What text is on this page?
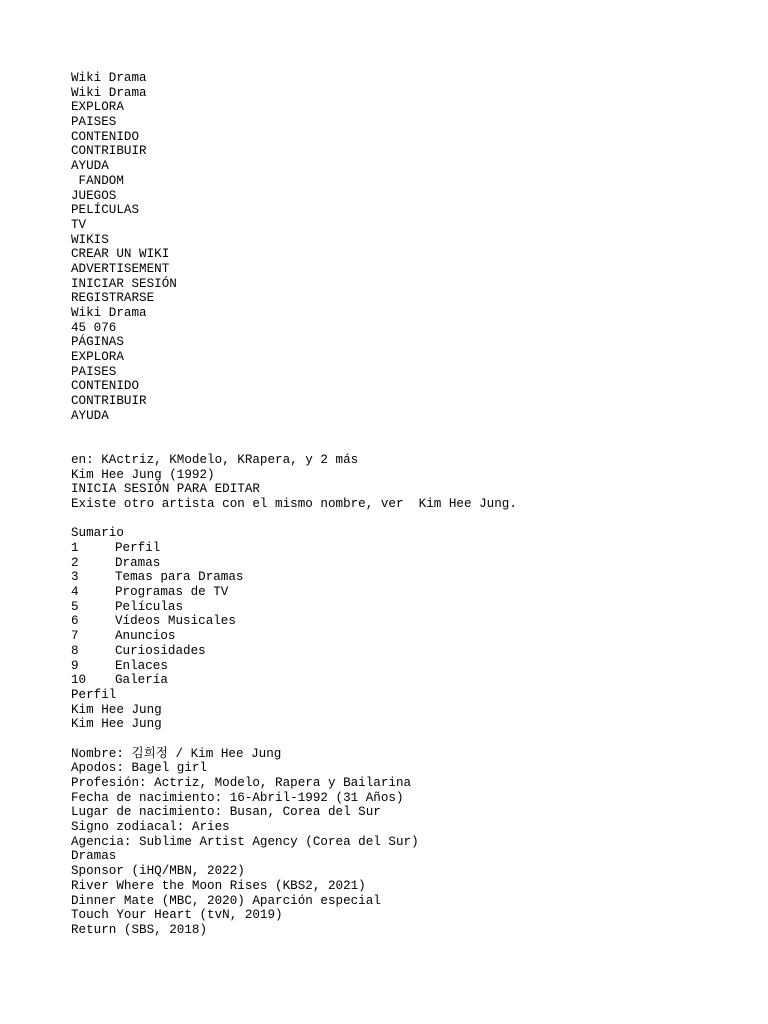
Wiki Drama
Wiki Drama
EXPLORA
PAISES
CONTENIDO
CONTRIBUIR
AYUDA
FANDOM
JUEGOS
PELÍCULAS
TV
WIKIS
CREAR UN WIKI
ADVERTISEMENT
INICIAR SESIÓN
REGISTRARSE
Wiki Drama
45 076
PÁGINAS
EXPLORA
PAISES
CONTENIDO
CONTRIBUIR
AYUDA
en: KActriz, KModelo, KRapera, y 2 más
Kim Hee Jung (1992)
INICIA SESIÓN PARA EDITAR
Existe otro artista con el mismo nombre, ver  Kim Hee Jung.
Sumario
1	Perfil
2	Dramas
3	Temas para Dramas
4	Programas de TV
5	Películas
6	Vídeos Musicales
7	Anuncios
8	Curiosidades
9	Enlaces
10	Galería
Perfil
Kim Hee Jung
Kim Hee Jung
Nombre: 김희정 / Kim Hee Jung
Apodos: Bagel girl
Profesión: Actriz, Modelo, Rapera y Bailarina
Fecha de nacimiento: 16-Abril-1992 (31 Años)
Lugar de nacimiento: Busan, Corea del Sur
Signo zodiacal: Aries
Agencia: Sublime Artist Agency (Corea del Sur)
Dramas
Sponsor (iHQ/MBN, 2022)
River Where the Moon Rises (KBS2, 2021)
Dinner Mate (MBC, 2020) Aparción especial
Touch Your Heart (tvN, 2019)
Return (SBS, 2018)
